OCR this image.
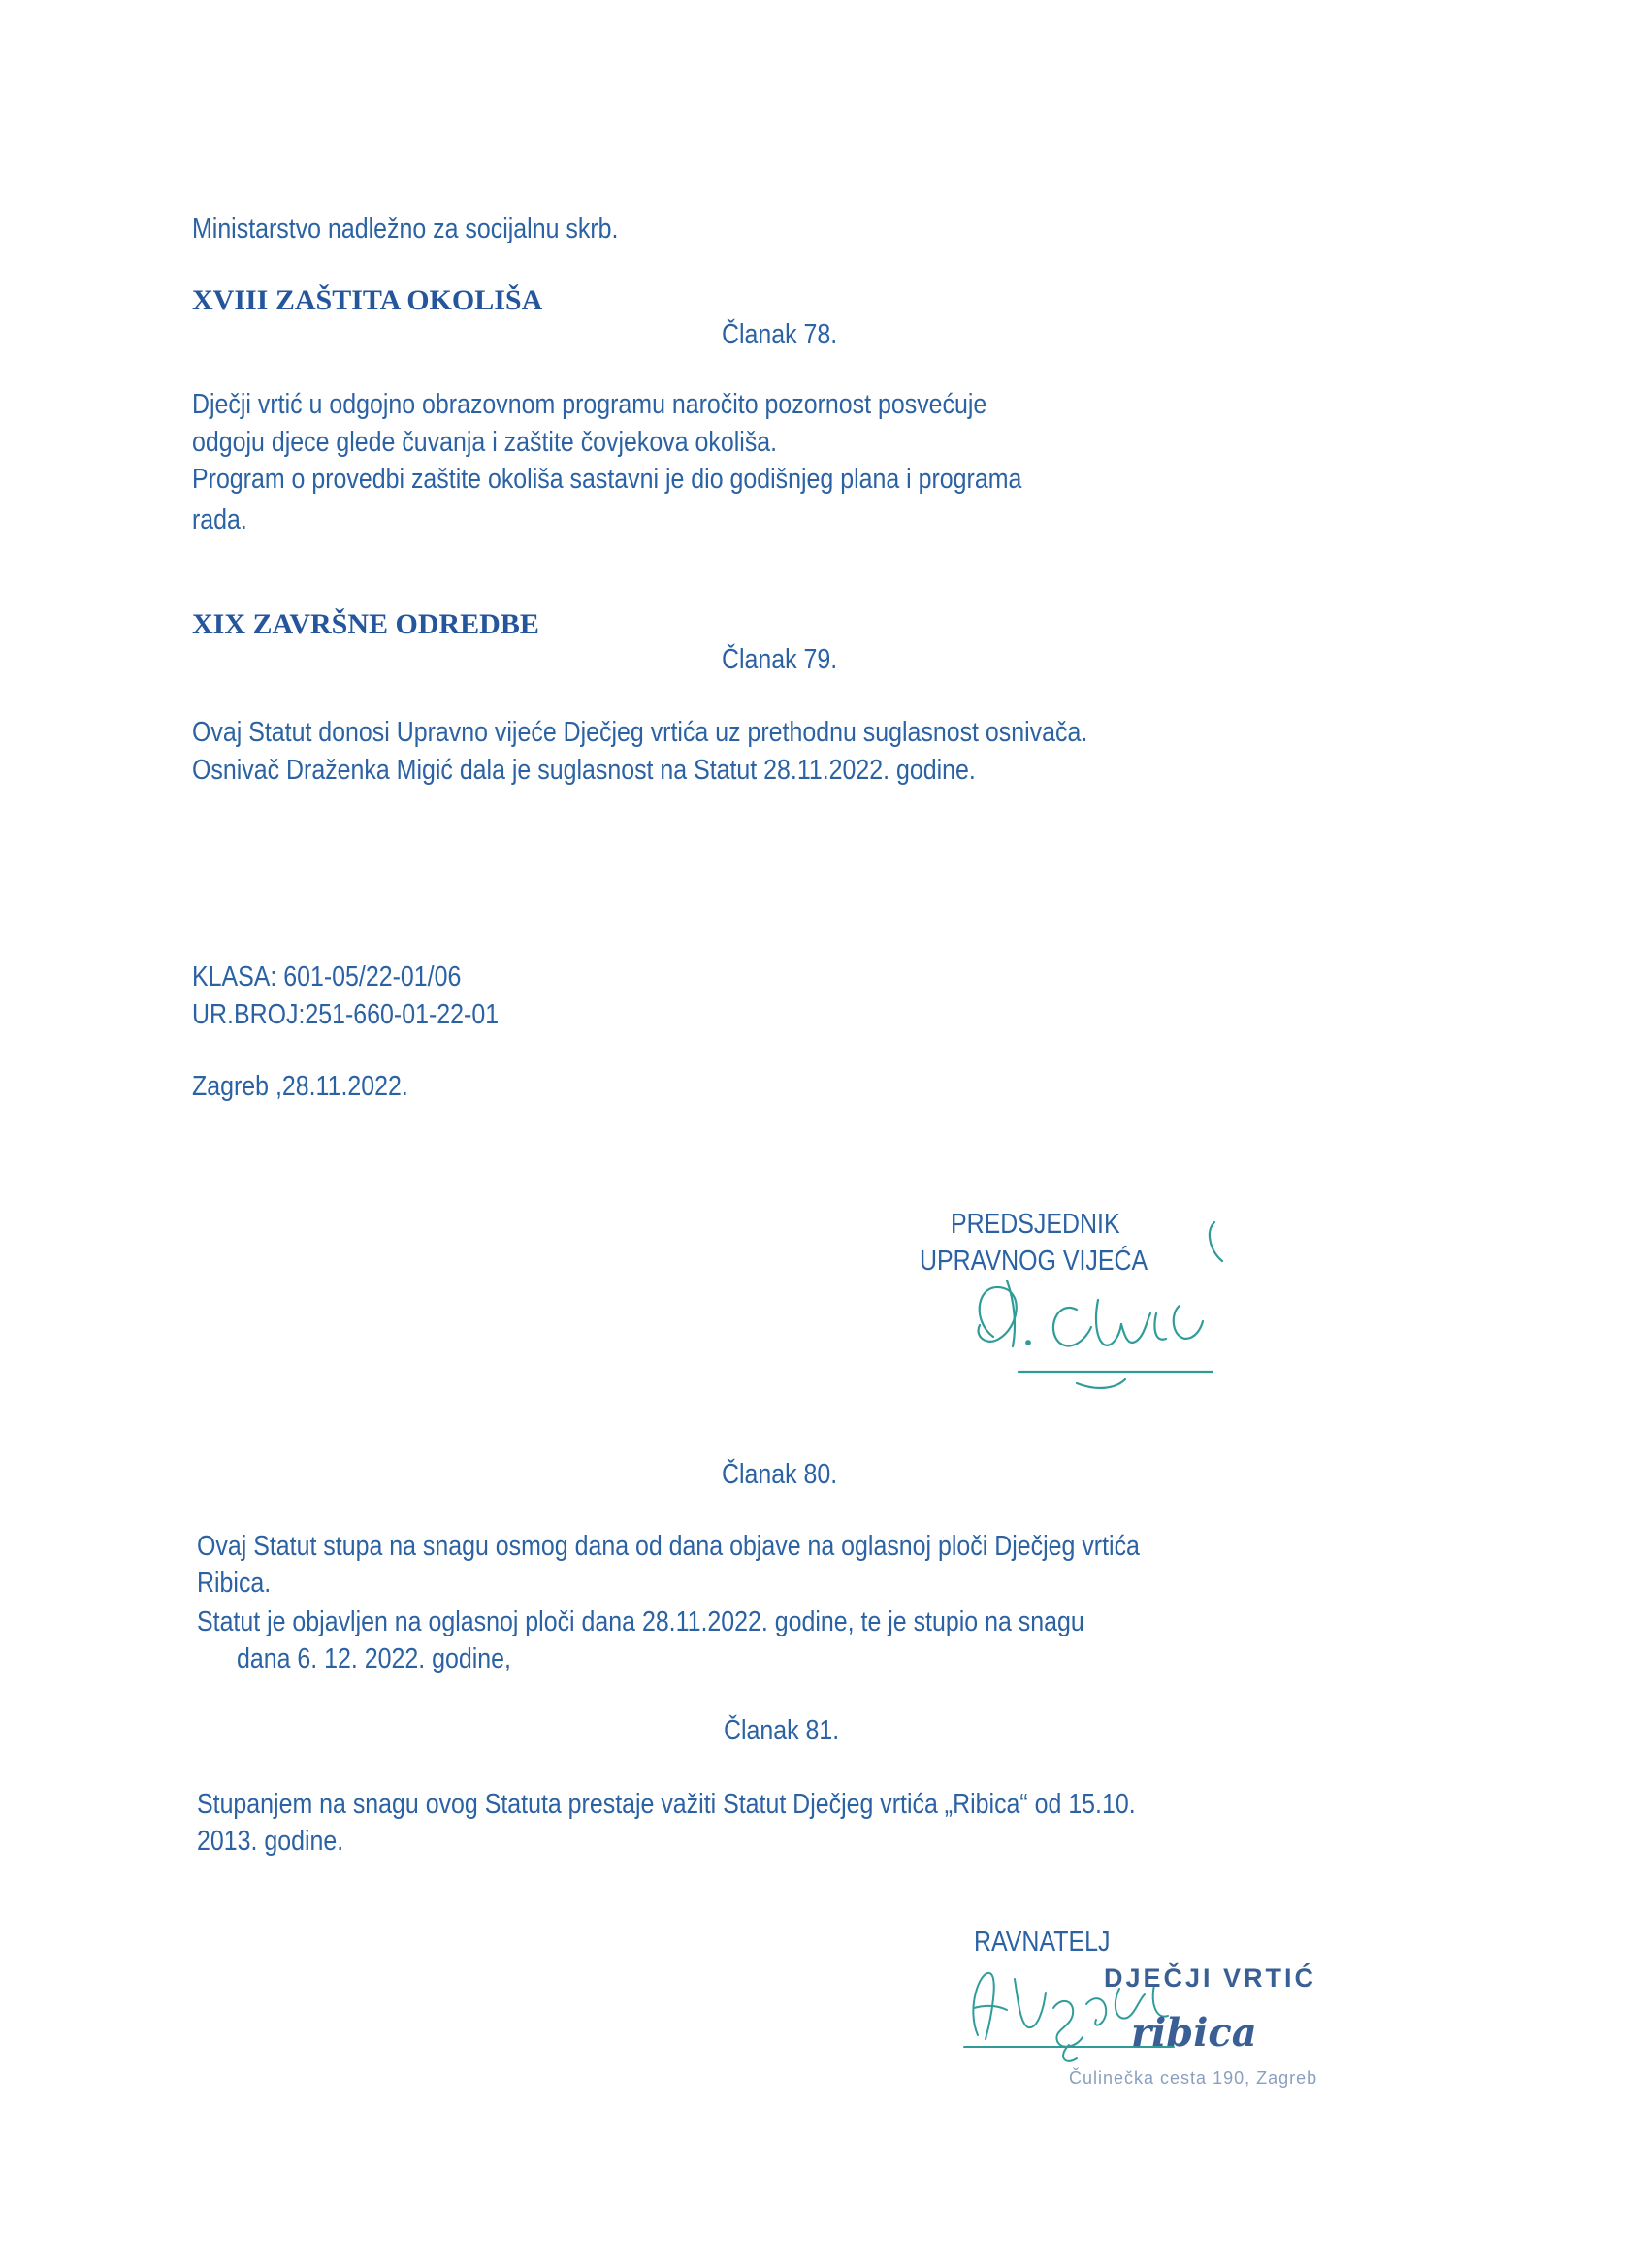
Ministarstvo nadležno za socijalnu skrb.

XVIII ZAŠTITA OKOLIŠA

Članak 78.

Dječji vrtić u odgojno obrazovnom programu naročito pozornost posvećuje

odgoju djece glede čuvanja i zaštite čovjekova okoliša.

Program o provedbi zaštite okoliša sastavni je dio godišnjeg plana i programa

rada.

XIX ZAVRŠNE ODREDBE

Članak 79.

Ovaj Statut donosi Upravno vijeće Dječjeg vrtića uz prethodnu suglasnost osnivača.

Osnivač Draženka Migić dala je suglasnost na Statut 28.11.2022. godine.

KLASA: 601-05/22-01/06

UR.BROJ:251-660-01-22-01

Zagreb ,28.11.2022.

PREDSJEDNIK

UPRAVNOG VIJEĆA

Članak 80.

Ovaj Statut stupa na snagu osmog dana od dana objave na oglasnoj ploči Dječjeg vrtića

Ribica.

Statut je objavljen na oglasnoj ploči dana 28.11.2022. godine, te je stupio na snagu

dana 6. 12. 2022. godine,

Članak 81.

Stupanjem na snagu ovog Statuta prestaje važiti Statut Dječjeg vrtića „Ribica“ od 15.10.

2013. godine.

RAVNATELJ

DJEČJI VRTIĆ
ribica
Čulinečka cesta 190, Zagreb
